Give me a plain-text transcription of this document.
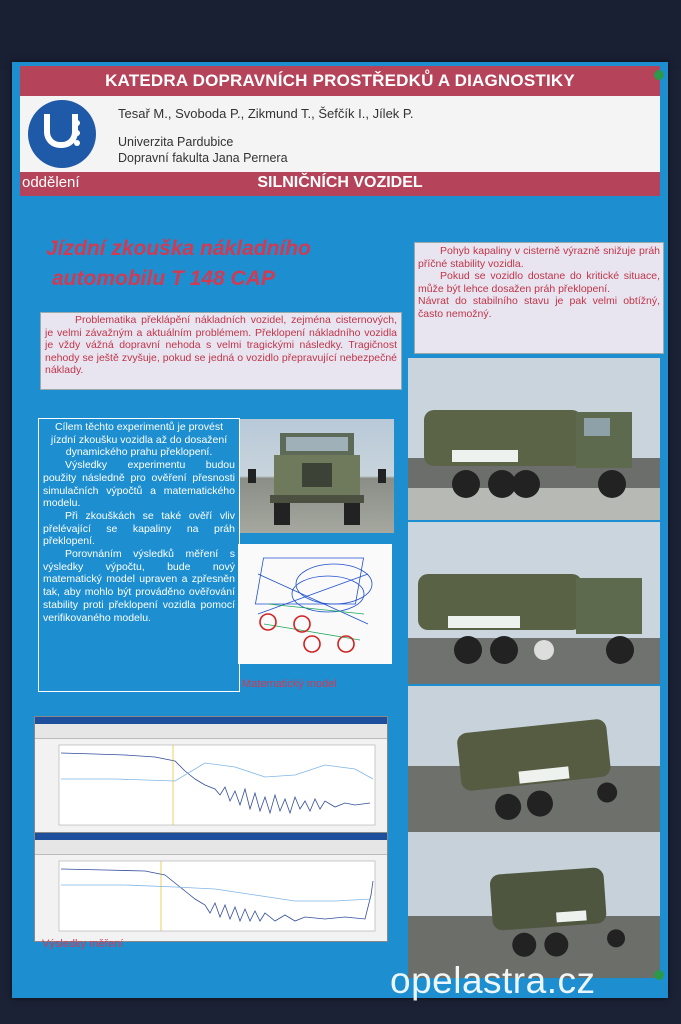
KATEDRA DOPRAVNÍCH PROSTŘEDKŮ A DIAGNOSTIKY
Tesař M., Svoboda P., Zikmund T., Šefčík I., Jílek P.
Univerzita Pardubice
Dopravní fakulta Jana Pernera
SILNIČNÍCH VOZIDEL
oddělení
Jízdní zkouška nákladního
automobilu T 148 CAP

Problematika překlápění nákladních vozidel, zejména cisternových, je velmi závažným a aktuálním problémem. Překlopení nákladního vozidla je vždy vážná dopravní nehoda s velmi tragickými následky. Tragičnost nehody se ještě zvyšuje, pokud se jedná o vozidlo přepravující nebezpečné náklady.

Pohyb kapaliny v cisterně výrazně snižuje práh příčné stability vozidla.

Pokud se vozidlo dostane do kritické situace, může být lehce dosažen práh překlopení.

Návrat do stabilního stavu je pak velmi obtížný, často nemožný.

Cílem těchto experimentů je provést jízdní zkoušku vozidla až do dosažení dynamického prahu překlopení.

Výsledky experimentu budou použity následně pro ověření přesnosti simulačních výpočtů a matematického modelu.

Při zkouškách se také ověří vliv přelévající se kapaliny na práh překlopení.

Porovnáním výsledků měření s výsledky výpočtu, bude nový matematický model upraven a zpřesněn tak, aby mohlo být prováděno ověřování stability proti překlopení vozidla pomocí verifikovaného modelu.

Matematický model
Výsledky měření
opelastra.cz
